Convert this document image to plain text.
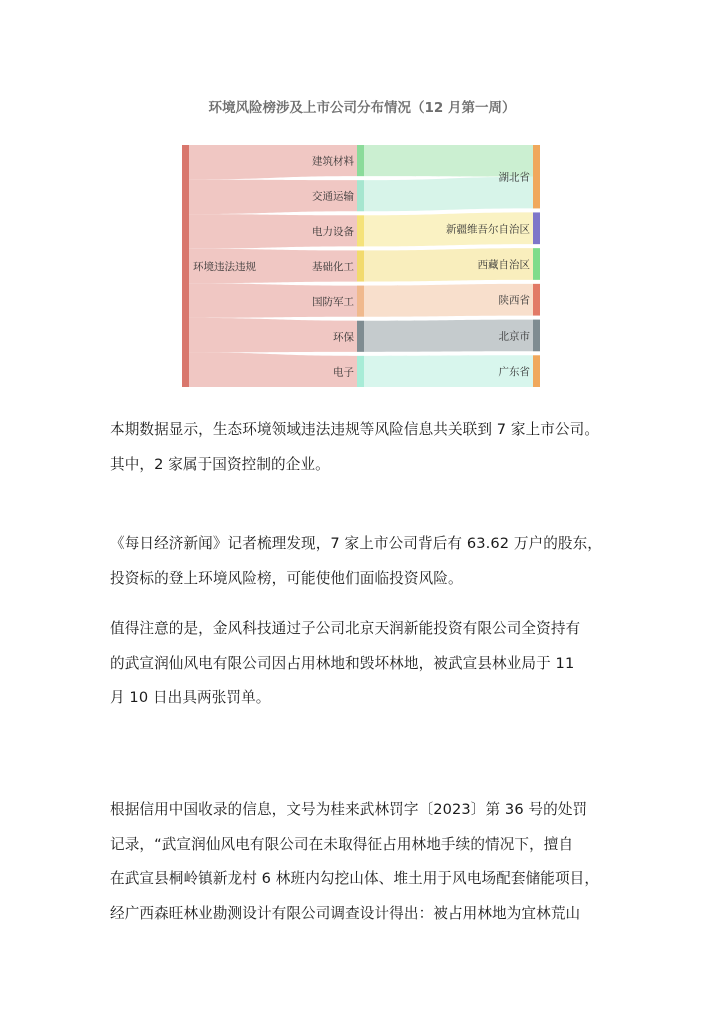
环境风险榜涉及上市公司分布情况（12 月第一周）
环境违法违规
建筑材料
交通运输
电力设备
基础化工
国防军工
环保
电子
湖北省
新疆维吾尔自治区
西藏自治区
陕西省
北京市
广东省

本期数据显示，生态环境领域违法违规等风险信息共关联到 7 家上市公司。
其中，2 家属于国资控制的企业。

《每日经济新闻》记者梳理发现，7 家上市公司背后有 63.62 万户的股东，
投资标的登上环境风险榜，可能使他们面临投资风险。

值得注意的是，金风科技通过子公司北京天润新能投资有限公司全资持有
的武宣润仙风电有限公司因占用林地和毁坏林地，被武宣县林业局于 11
月 10 日出具两张罚单。

根据信用中国收录的信息，文号为桂来武林罚字〔2023〕第 36 号的处罚
记录，“武宣润仙风电有限公司在未取得征占用林地手续的情况下，擅自
在武宣县桐岭镇新龙村 6 林班内勾挖山体、堆土用于风电场配套储能项目，
经广西森旺林业勘测设计有限公司调查设计得出：被占用林地为宜林荒山
